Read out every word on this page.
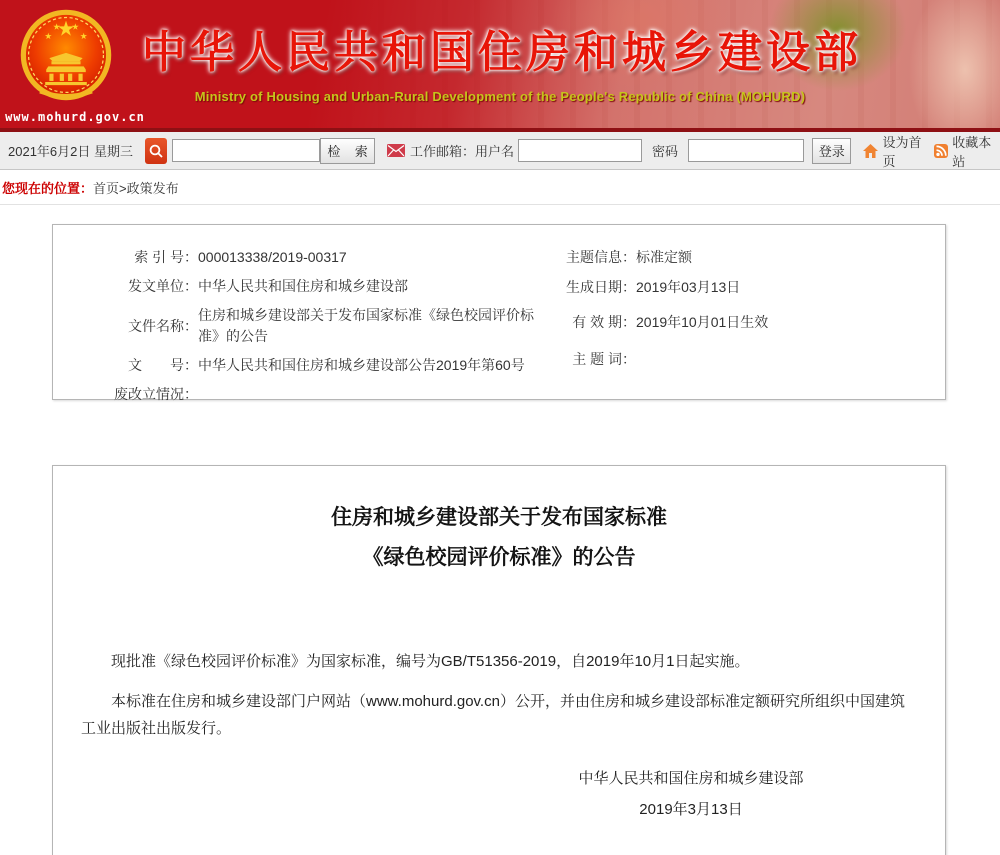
www.mohurd.gov.cn
中华人民共和国住房和城乡建设部
Ministry of Housing and Urban-Rural Development of the People's Republic of China (MOHURD)
2021年6月2日 星期三	检    索	工作邮箱：用户名	密码	登录
设为首页
收藏本站
您现在的位置：首页>政策发布
索 引 号： 000013338/2019-00317
发文单位： 中华人民共和国住房和城乡建设部
文件名称：
住房和城乡建设部关于发布国家标准《绿色校园评价标准》的公告
文　　号： 中华人民共和国住房和城乡建设部公告2019年第60号
废改立情况：
主题信息： 标准定额
生成日期： 2019年03月13日
有 效 期： 2019年10月01日生效
主 题 词：
住房和城乡建设部关于发布国家标准
《绿色校园评价标准》的公告

现批准《绿色校园评价标准》为国家标准，编号为GB/T51356-2019，自2019年10月1日起实施。

本标准在住房和城乡建设部门户网站（www.mohurd.gov.cn）公开，并由住房和城乡建设部标准定额研究所组织中国建筑工业出版社出版发行。

中华人民共和国住房和城乡建设部
2019年3月13日
